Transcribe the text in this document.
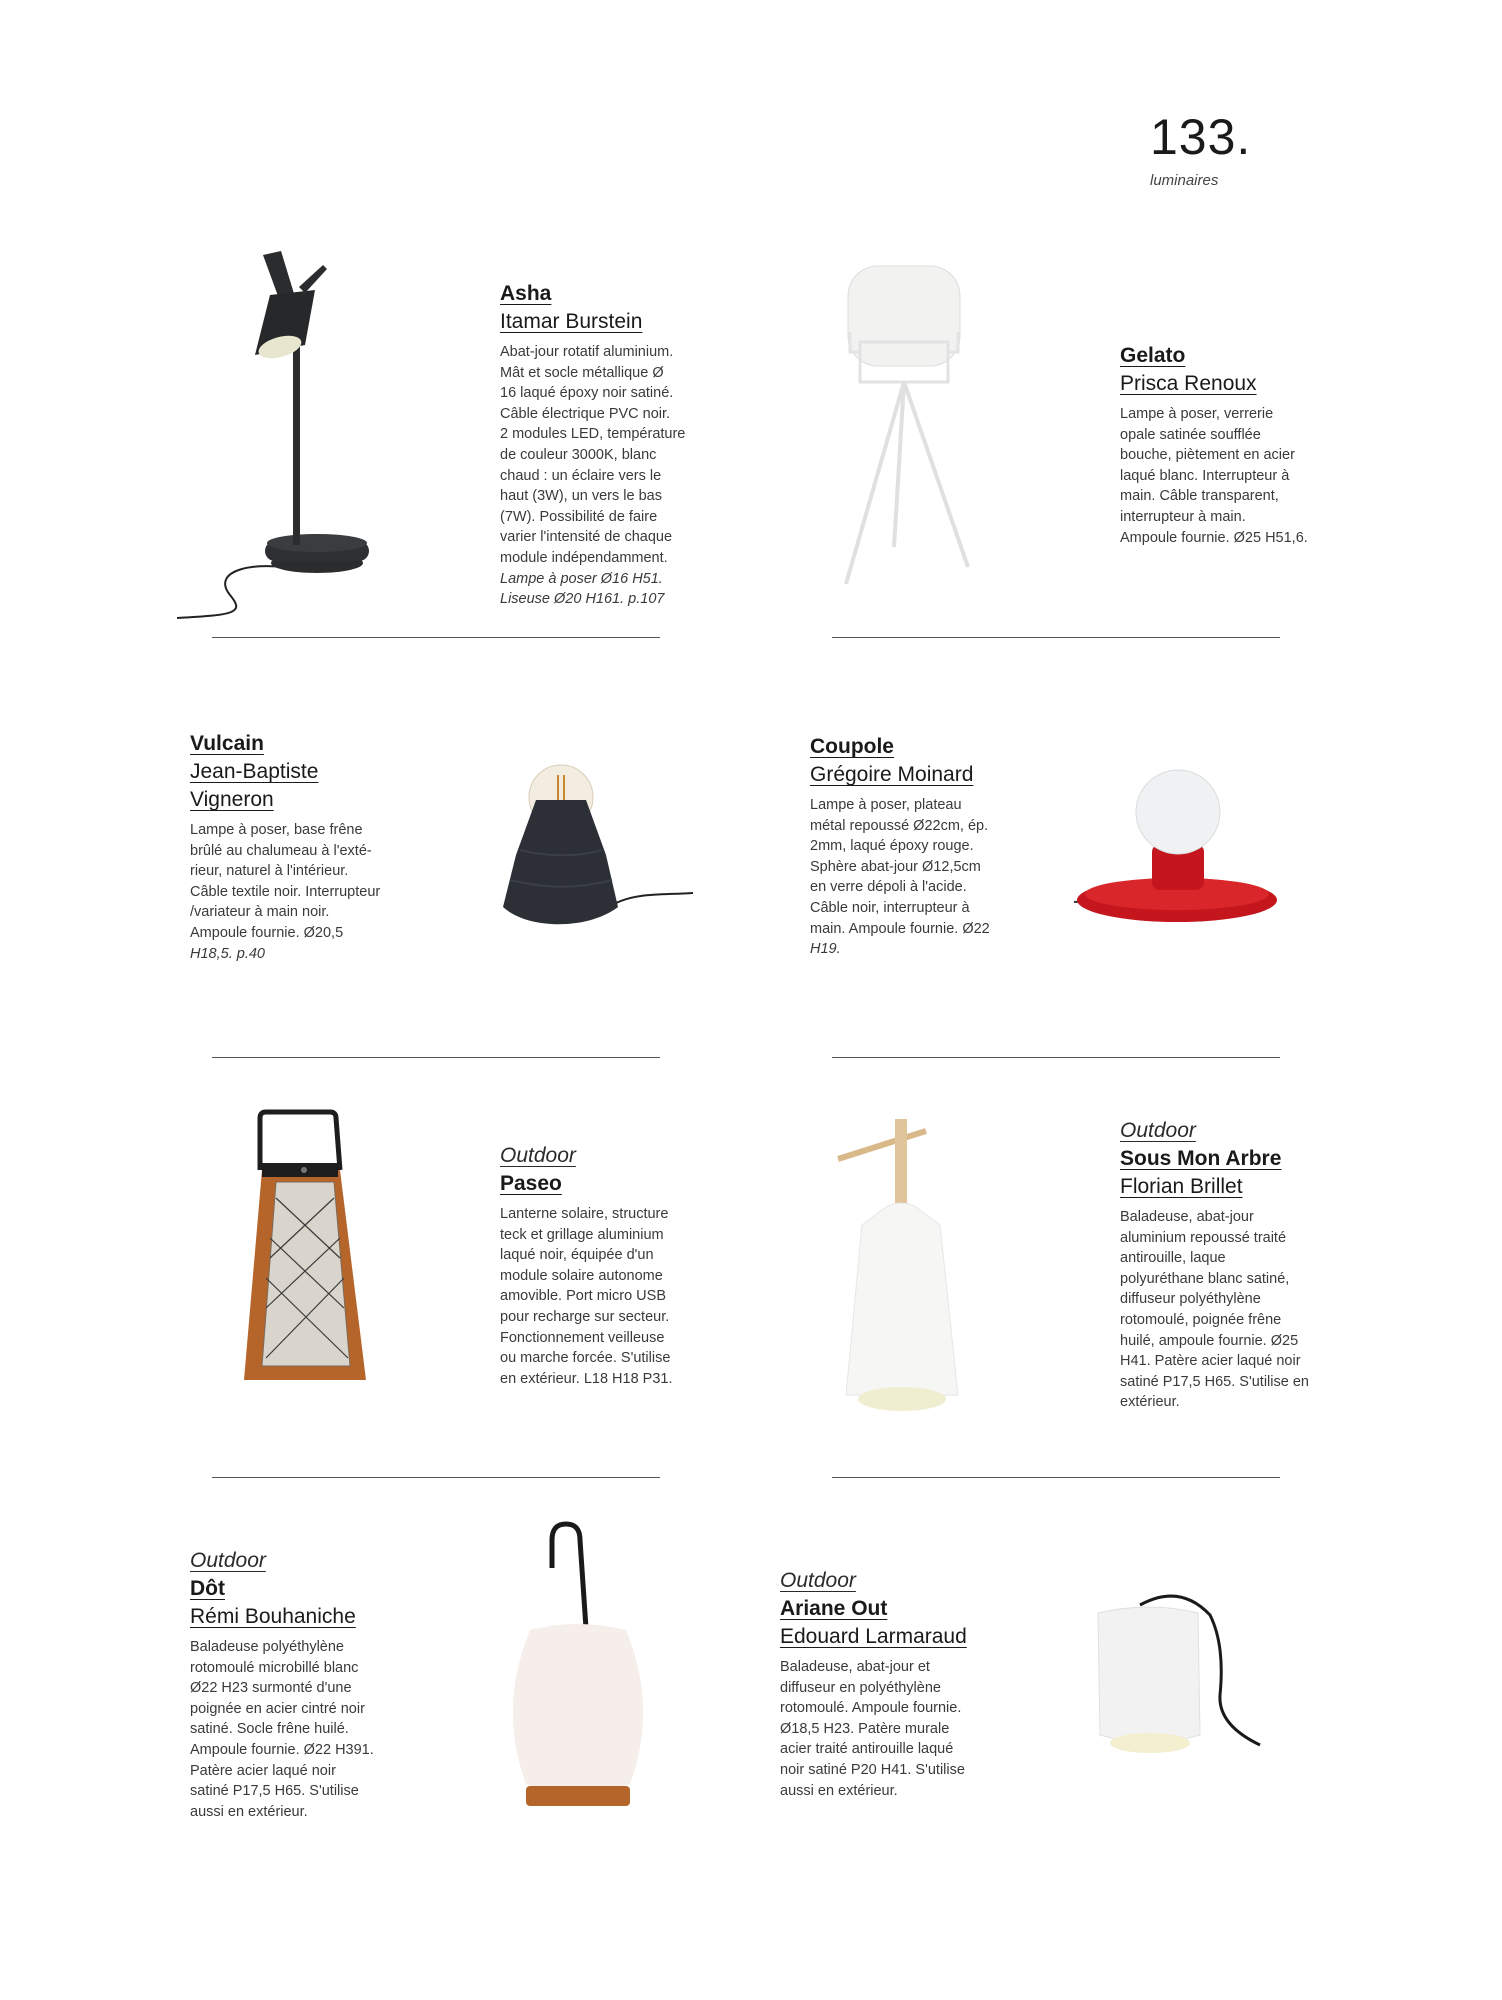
133.
luminaires
Asha
Itamar Burstein
Abat-jour rotatif aluminium.
Mât et socle métallique Ø
16 laqué époxy noir satiné.
Câble électrique PVC noir.
2 modules LED, température
de couleur 3000K, blanc
chaud : un éclaire vers le
haut (3W), un vers le bas
(7W). Possibilité de faire
varier l'intensité de chaque
module indépendamment.
Lampe à poser Ø16 H51.
Liseuse Ø20 H161. p.107
Gelato
Prisca Renoux
Lampe à poser, verrerie
opale satinée soufflée
bouche, piètement en acier
laqué blanc. Interrupteur à
main. Câble transparent,
interrupteur à main.
Ampoule fournie. Ø25 H51,6.
Vulcain
Jean-Baptiste
Vigneron
Lampe à poser, base frêne
brûlé au chalumeau à l'exté-
rieur, naturel à l'intérieur.
Câble textile noir. Interrupteur
/variateur à main noir.
Ampoule fournie. Ø20,5
H18,5. p.40
Coupole
Grégoire Moinard
Lampe à poser, plateau
métal repoussé Ø22cm, ép.
2mm, laqué époxy rouge.
Sphère abat-jour Ø12,5cm
en verre dépoli à l'acide.
Câble noir, interrupteur à
main. Ampoule fournie. Ø22
H19.
Outdoor
Paseo
Lanterne solaire, structure
teck et grillage aluminium
laqué noir, équipée d'un
module solaire autonome
amovible. Port micro USB
pour recharge sur secteur.
Fonctionnement veilleuse
ou marche forcée. S'utilise
en extérieur. L18 H18 P31.
Outdoor
Sous Mon Arbre
Florian Brillet
Baladeuse, abat-jour
aluminium repoussé traité
antirouille, laque
polyuréthane blanc satiné,
diffuseur polyéthylène
rotomoulé, poignée frêne
huilé, ampoule fournie. Ø25
H41. Patère acier laqué noir
satiné P17,5 H65. S'utilise en
extérieur.
Outdoor
Dôt
Rémi Bouhaniche
Baladeuse polyéthylène
rotomoulé microbillé blanc
Ø22 H23 surmonté d'une
poignée en acier cintré noir
satiné. Socle frêne huilé.
Ampoule fournie. Ø22 H391.
Patère acier laqué noir
satiné P17,5 H65. S'utilise
aussi en extérieur.
Outdoor
Ariane Out
Edouard Larmaraud
Baladeuse, abat-jour et
diffuseur en polyéthylène
rotomoulé. Ampoule fournie.
Ø18,5 H23. Patère murale
acier traité antirouille laqué
noir satiné P20 H41. S'utilise
aussi en extérieur.
